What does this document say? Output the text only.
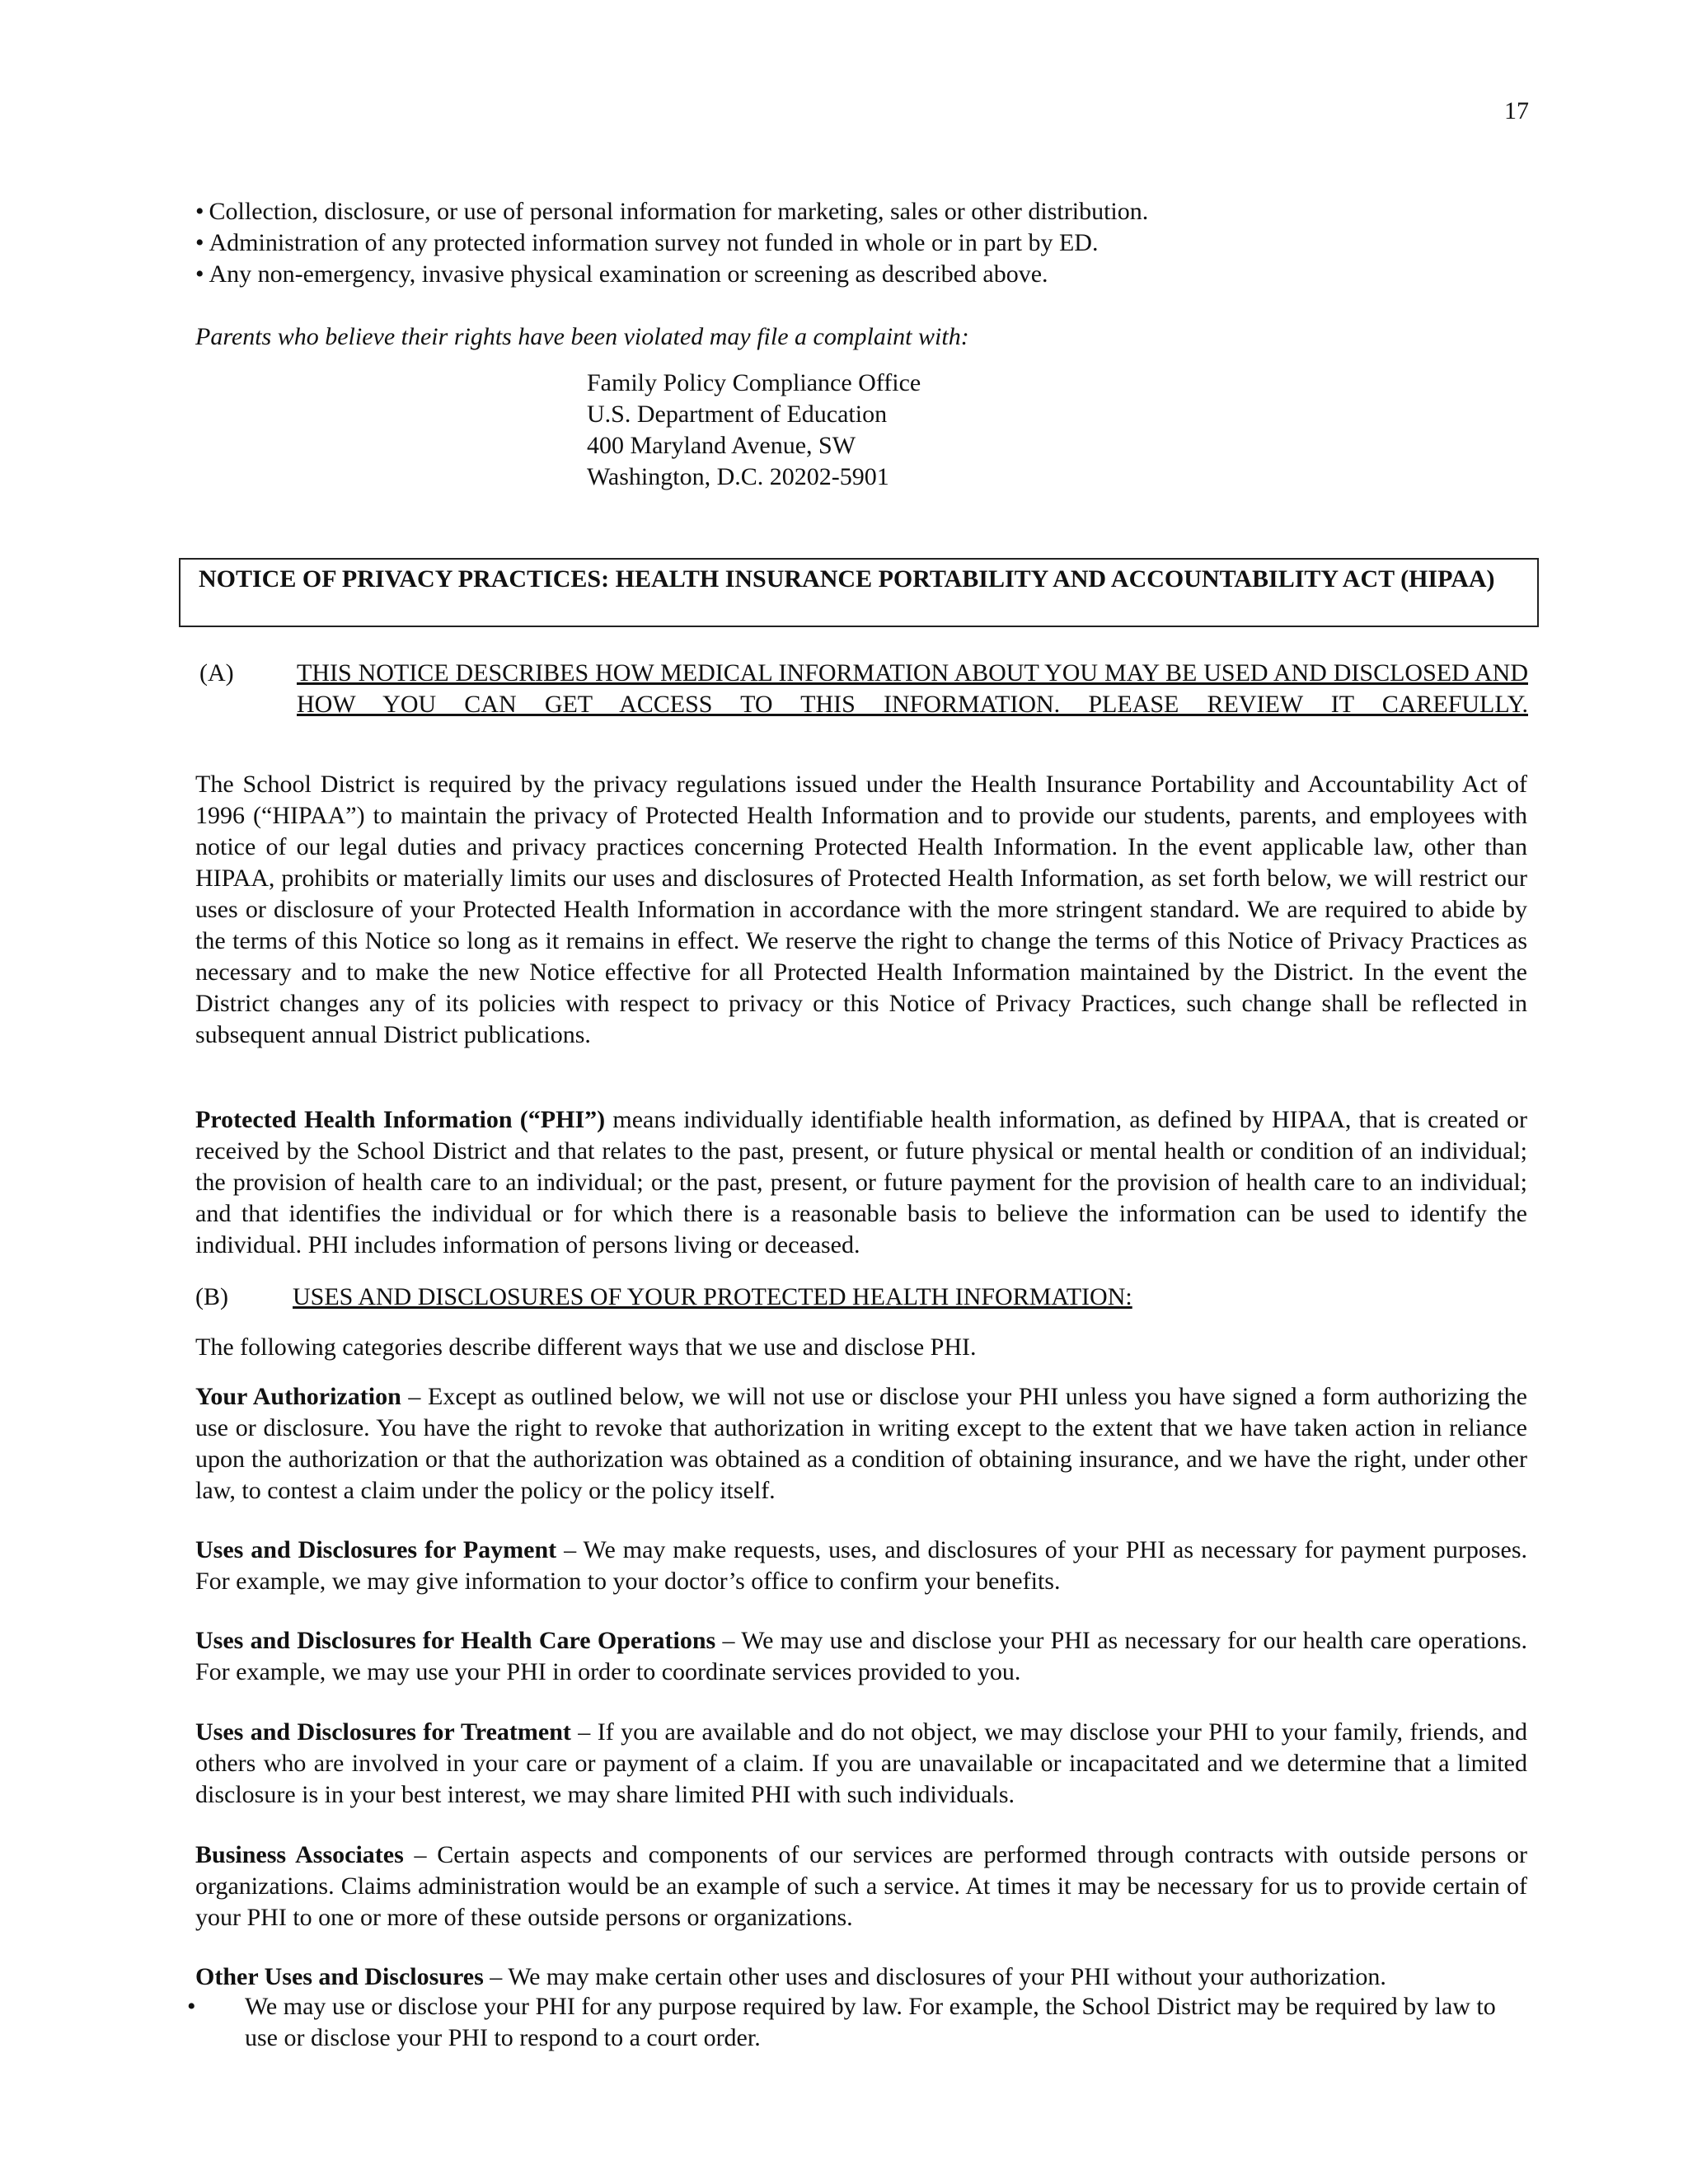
17
• Collection, disclosure, or use of personal information for marketing, sales or other distribution.
• Administration of any protected information survey not funded in whole or in part by ED.
• Any non-emergency, invasive physical examination or screening as described above.
Parents who believe their rights have been violated may file a complaint with:
Family Policy Compliance Office
U.S. Department of Education
400 Maryland Avenue, SW
Washington, D.C. 20202-5901
NOTICE OF PRIVACY PRACTICES: HEALTH INSURANCE PORTABILITY AND ACCOUNTABILITY ACT (HIPAA)
(A)	THIS NOTICE DESCRIBES HOW MEDICAL INFORMATION ABOUT YOU MAY BE USED AND DISCLOSED AND HOW YOU CAN GET ACCESS TO THIS INFORMATION. PLEASE REVIEW IT CAREFULLY.
The School District is required by the privacy regulations issued under the Health Insurance Portability and Accountability Act of 1996 (“HIPAA”) to maintain the privacy of Protected Health Information and to provide our students, parents, and employees with notice of our legal duties and privacy practices concerning Protected Health Information. In the event applicable law, other than HIPAA, prohibits or materially limits our uses and disclosures of Protected Health Information, as set forth below, we will restrict our uses or disclosure of your Protected Health Information in accordance with the more stringent standard. We are required to abide by the terms of this Notice so long as it remains in effect. We reserve the right to change the terms of this Notice of Privacy Practices as necessary and to make the new Notice effective for all Protected Health Information maintained by the District. In the event the District changes any of its policies with respect to privacy or this Notice of Privacy Practices, such change shall be reflected in subsequent annual District publications.
Protected Health Information (“PHI”) means individually identifiable health information, as defined by HIPAA, that is created or received by the School District and that relates to the past, present, or future physical or mental health or condition of an individual; the provision of health care to an individual; or the past, present, or future payment for the provision of health care to an individual; and that identifies the individual or for which there is a reasonable basis to believe the information can be used to identify the individual. PHI includes information of persons living or deceased.
(B)	USES AND DISCLOSURES OF YOUR PROTECTED HEALTH INFORMATION:
The following categories describe different ways that we use and disclose PHI.
Your Authorization – Except as outlined below, we will not use or disclose your PHI unless you have signed a form authorizing the use or disclosure. You have the right to revoke that authorization in writing except to the extent that we have taken action in reliance upon the authorization or that the authorization was obtained as a condition of obtaining insurance, and we have the right, under other law, to contest a claim under the policy or the policy itself.
Uses and Disclosures for Payment – We may make requests, uses, and disclosures of your PHI as necessary for payment purposes. For example, we may give information to your doctor’s office to confirm your benefits.
Uses and Disclosures for Health Care Operations – We may use and disclose your PHI as necessary for our health care operations. For example, we may use your PHI in order to coordinate services provided to you.
Uses and Disclosures for Treatment – If you are available and do not object, we may disclose your PHI to your family, friends, and others who are involved in your care or payment of a claim. If you are unavailable or incapacitated and we determine that a limited disclosure is in your best interest, we may share limited PHI with such individuals.
Business Associates – Certain aspects and components of our services are performed through contracts with outside persons or organizations. Claims administration would be an example of such a service. At times it may be necessary for us to provide certain of your PHI to one or more of these outside persons or organizations.
Other Uses and Disclosures – We may make certain other uses and disclosures of your PHI without your authorization.
• We may use or disclose your PHI for any purpose required by law. For example, the School District may be required by law to use or disclose your PHI to respond to a court order.
